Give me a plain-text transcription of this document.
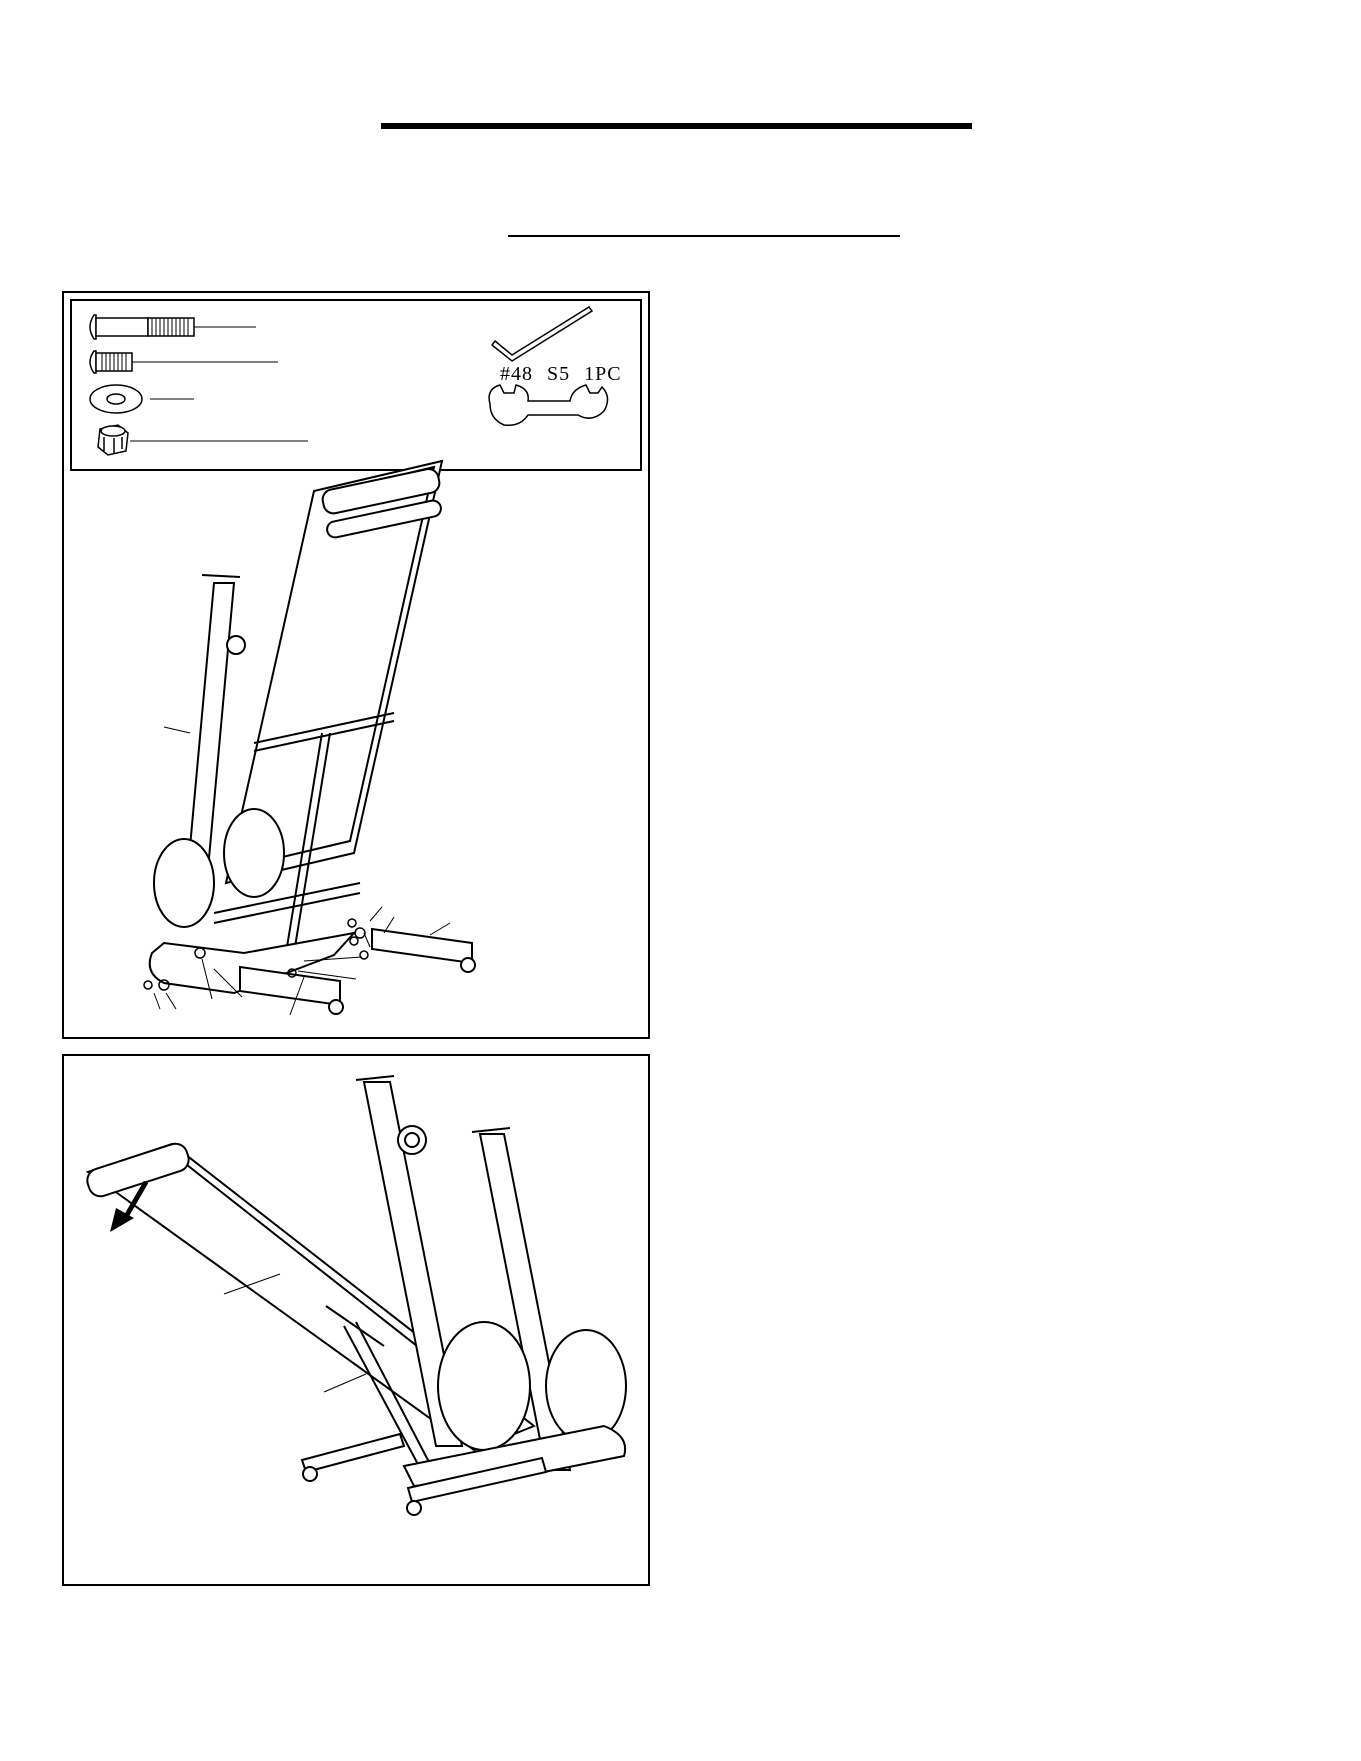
#48 S5 1PC
